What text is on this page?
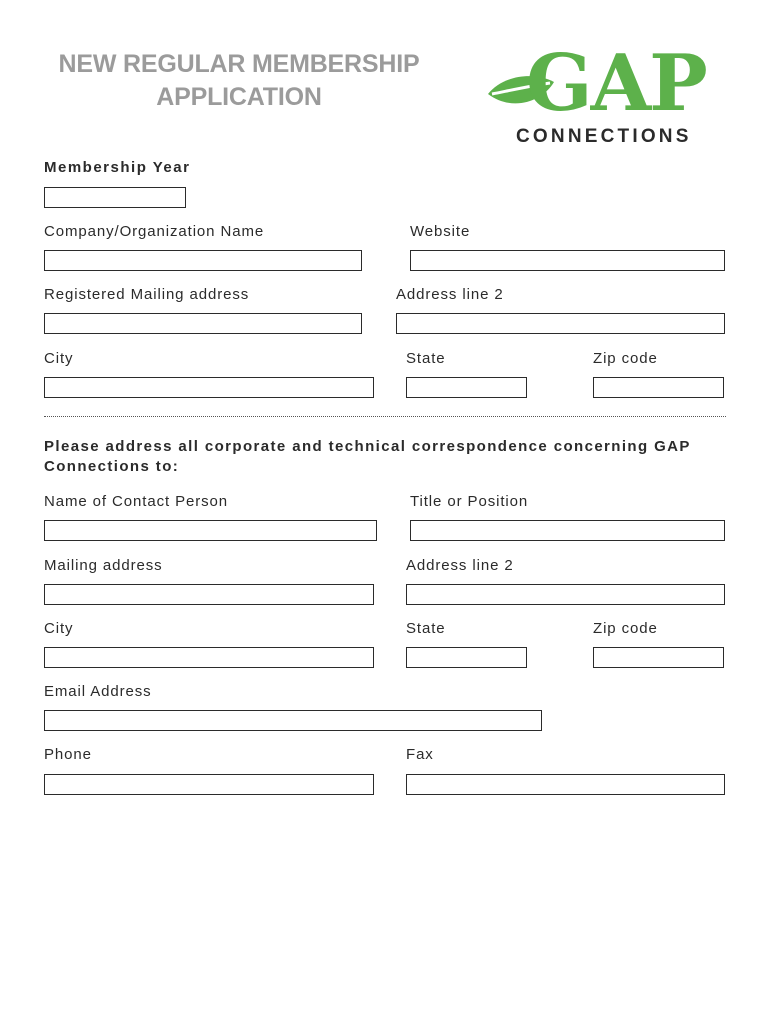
NEW REGULAR MEMBERSHIP
APPLICATION	GAP
CONNECTIONS
Membership Year
Company/Organization Name	Website
Registered Mailing address	Address line 2
City	State	Zip code
Please address all corporate and technical correspondence concerning GAP Connections to:
Name of Contact Person	Title or Position
Mailing address	Address line 2
City	State	Zip code
Email Address
Phone	Fax
